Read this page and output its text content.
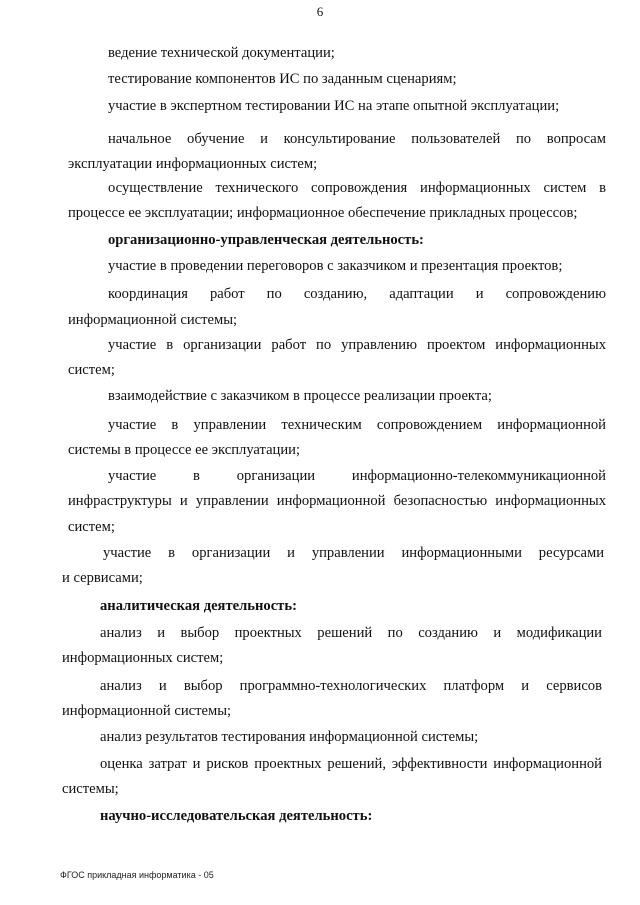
6
ведение технической документации;
тестирование компонентов ИС по заданным сценариям;
участие в экспертном тестировании ИС на этапе опытной эксплуатации;
начальное обучение и консультирование пользователей по вопросам
эксплуатации информационных систем;
осуществление технического сопровождения информационных систем в
процессе ее эксплуатации; информационное обеспечение прикладных процессов;
организационно-управленческая деятельность:
участие в проведении переговоров с заказчиком и презентация проектов;
координация работ по созданию, адаптации и сопровождению
информационной системы;
участие в организации работ по управлению проектом информационных
систем;
взаимодействие с заказчиком в процессе реализации проекта;
участие в управлении техническим сопровождением информационной
системы в процессе ее эксплуатации;
участие в организации информационно-телекоммуникационной
инфраструктуры и управлении информационной безопасностью информационных
систем;
участие в организации и управлении информационными ресурсами
и сервисами;
аналитическая деятельность:
анализ и выбор проектных решений по созданию и модификации
информационных систем;
анализ и выбор программно-технологических платформ и сервисов
информационной системы;
анализ результатов тестирования информационной системы;
оценка затрат и рисков проектных решений, эффективности информационной
системы;
научно-исследовательская деятельность:
ФГОС прикладная информатика - 05
